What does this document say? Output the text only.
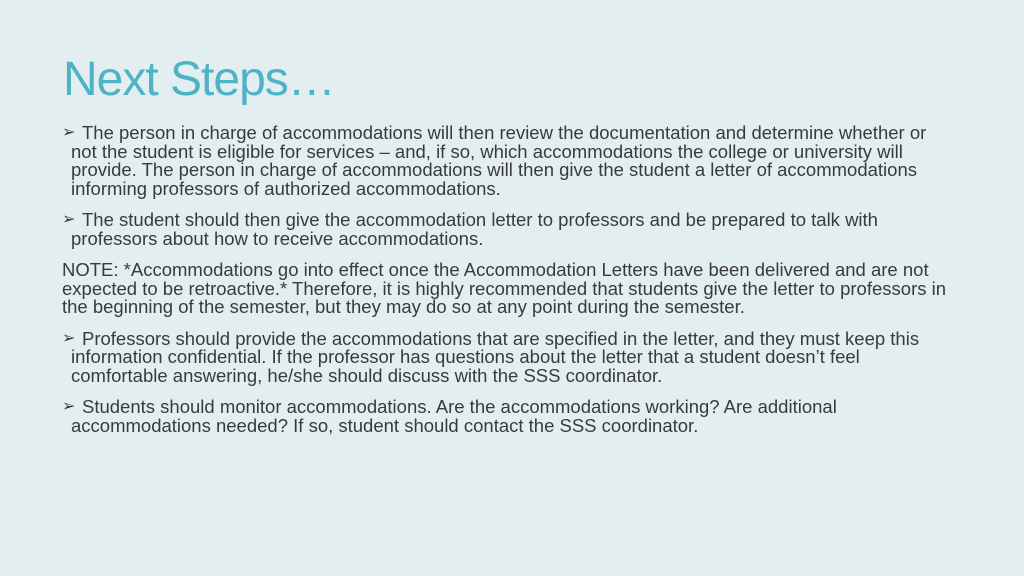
Next Steps…
➢ The person in charge of accommodations will then review the documentation and determine whether or not the student is eligible for services – and, if so, which accommodations the college or university will provide. The person in charge of accommodations will then give the student a letter of accommodations informing professors of authorized accommodations.
➢ The student should then give the accommodation letter to professors and be prepared to talk with professors about how to receive accommodations.
NOTE: *Accommodations go into effect once the Accommodation Letters have been delivered and are not expected to be retroactive.* Therefore, it is highly recommended that students give the letter to professors in the beginning of the semester, but they may do so at any point during the semester.
➢ Professors should provide the accommodations that are specified in the letter, and they must keep this information confidential. If the professor has questions about the letter that a student doesn’t feel comfortable answering, he/she should discuss with the SSS coordinator.
➢ Students should monitor accommodations. Are the accommodations working? Are additional accommodations needed? If so, student should contact the SSS coordinator.
